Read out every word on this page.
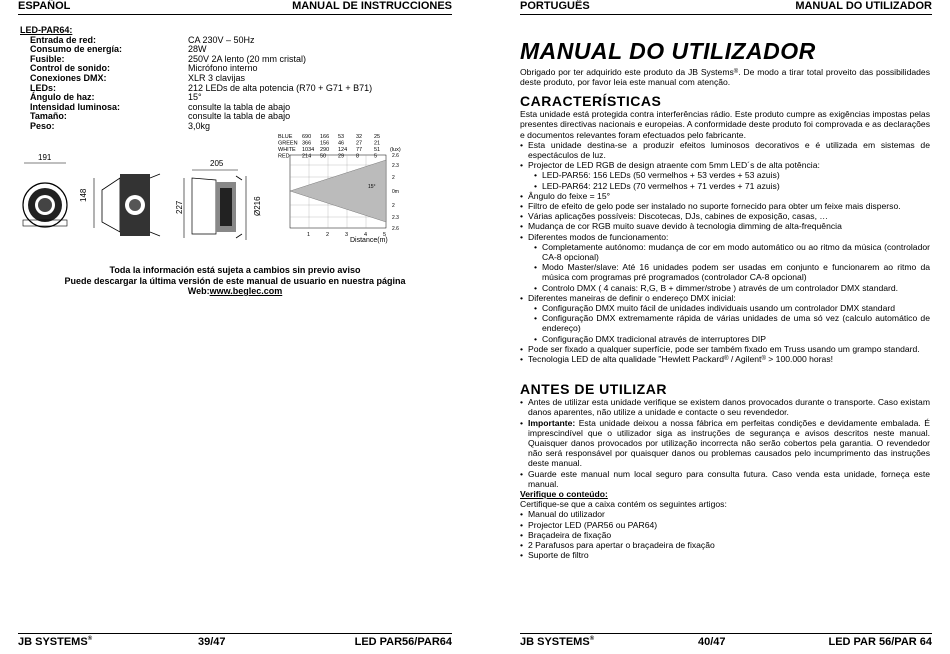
ESPAÑOL	MANUAL DE INSTRUCCIONES
LED-PAR64:
Entrada de red:	CA 230V – 50Hz
Consumo de energía:	28W
Fusible:	250V 2A lento (20 mm cristal)
Control de sonido:	Micrófono interno
Conexiones DMX:	XLR 3 clavijas
LEDs:	212 LEDs de alta potencia (R70 + G71 + B71)
Ángulo de haz:	15°
Intensidad luminosa:	consulte la tabla de abajo
Tamaño:	consulte la tabla de abajo
Peso:	3,0kg
191
148
205
227	Ø216
BLUE 690 166 53 32 25
GREEN 366 156 46 27 21
WHITE 1034 290 124 77 51
RED 214 50 29 8	5
(lux)
15°
2.6
2.3
2
0m
2
2.3
2.6
1	2	3	4	5
Distance(m)
Toda la información está sujeta a cambios sin previo aviso
Puede descargar la última versión de este manual de usuario en nuestra página
Web:www.beglec.com
JB SYSTEMS®	39/47	LED PAR56/PAR64
PORTUGUÊS	MANUAL DO UTILIZADOR
MANUAL DO UTILIZADOR
Obrigado por ter adquirido este produto da JB Systems®. De modo a tirar total proveito das possibilidades deste produto, por favor leia este manual com atenção.
CARACTERÍSTICAS
Esta unidade está protegida contra interferências rádio. Este produto cumpre as exigências impostas pelas presentes directivas nacionais e europeias. A conformidade deste produto foi comprovada e as declarações e documentos relevantes foram efectuados pelo fabricante.
• Esta unidade destina-se a produzir efeitos luminosos decorativos e é utilizada em sistemas de espectáculos de luz.
• Projector de LED RGB de design atraente com 5mm LED´s de alta potência:
• LED-PAR56: 156 LEDs (50 vermelhos + 53 verdes + 53 azuis)
• LED-PAR64: 212 LEDs (70 vermelhos + 71 verdes + 71 azuis)
• Ângulo do feixe = 15°
• Filtro de efeito de gelo pode ser instalado no suporte fornecido para obter um feixe mais disperso.
• Várias aplicações possíveis: Discotecas, DJs, cabines de exposição, casas, …
• Mudança de cor RGB muito suave devido à tecnologia dimming de alta-frequência
• Diferentes modos de funcionamento:
• Completamente autónomo: mudança de cor em modo automático ou ao ritmo da música (controlador CA-8 opcional)
• Modo Master/slave: Até 16 unidades podem ser usadas em conjunto e funcionarem ao ritmo da música com programas pré programados (controlador CA-8 opcional)
• Controlo DMX ( 4 canais: R,G, B + dimmer/strobe ) através de um controlador DMX standard.
• Diferentes maneiras de definir o endereço DMX inicial:
• Configuração DMX muito fácil de unidades individuais usando um controlador DMX standard
• Configuração DMX extremamente rápida de várias unidades de uma só vez (calculo automático de endereço)
• Configuração DMX tradicional através de interruptores DIP
• Pode ser fixado a qualquer superfície, pode ser também fixado em Truss usando um grampo standard.
• Tecnologia LED de alta qualidade "Hewlett Packard® / Agilent® > 100.000 horas!
ANTES DE UTILIZAR
• Antes de utilizar esta unidade verifique se existem danos provocados durante o transporte. Caso existam danos aparentes, não utilize a unidade e contacte o seu revendedor.
• Importante: Esta unidade deixou a nossa fábrica em perfeitas condições e devidamente embalada. É imprescindível que o utilizador siga as instruções de segurança e avisos descritos neste manual. Quaisquer danos provocados por utilização incorrecta não serão cobertos pela garantia. O revendedor não será responsável por quaisquer danos ou problemas causados pelo incumprimento das instruções deste manual.
• Guarde este manual num local seguro para consulta futura. Caso venda esta unidade, forneça este manual.
Verifique o conteúdo:
Certifique-se que a caixa contém os seguintes artigos:
• Manual do utilizador
• Projector LED (PAR56 ou PAR64)
• Braçadeira de fixação
• 2 Parafusos para apertar o braçadeira de fixação
• Suporte de filtro
JB SYSTEMS®	40/47	LED PAR 56/PAR 64
